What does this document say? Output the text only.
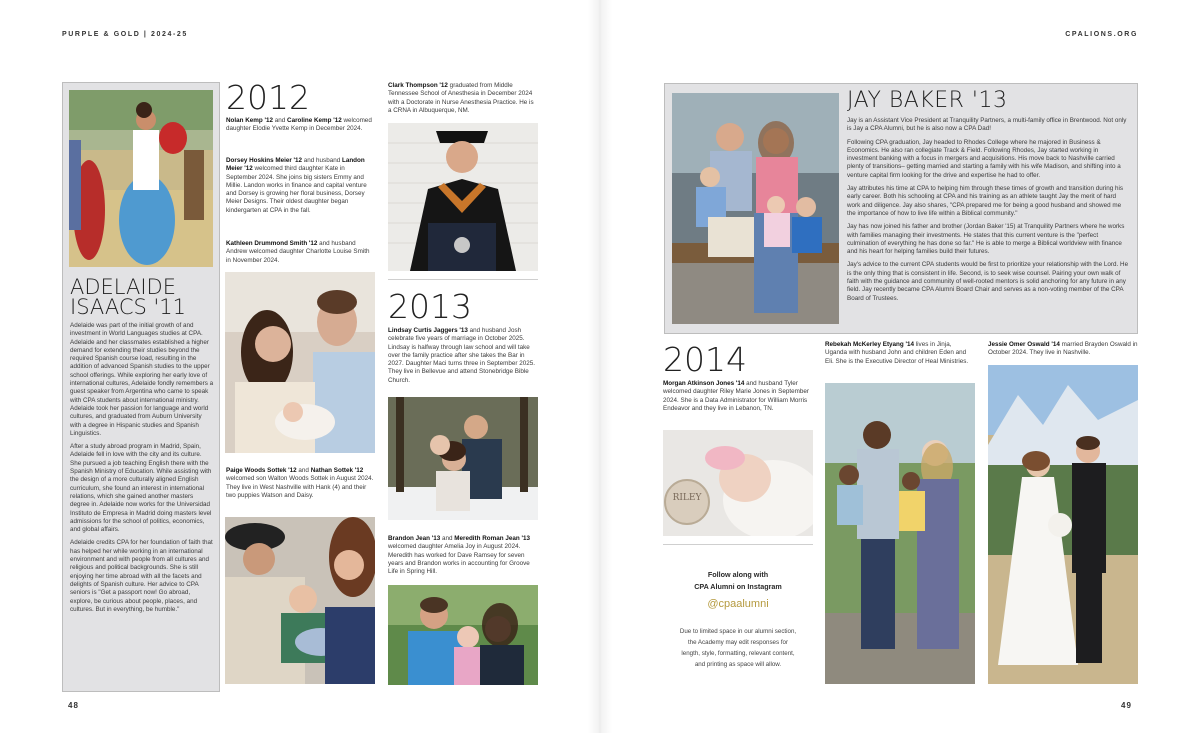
PURPLE & GOLD | 2024-25	CPALIONS.ORG
ADELAIDE
ISAACS '11

Adelaide was part of the initial growth of and investment in World Languages studies at CPA. Adelaide and her classmates established a higher demand for extending their studies beyond the required Spanish course load, resulting in the addition of advanced Spanish studies to the upper school offerings. While exploring her early love of international cultures, Adelaide fondly remembers a guest speaker from Argentina who came to speak with CPA students about international ministry. Adelaide took her passion for language and world cultures, and graduated from Auburn University with a degree in Hispanic studies and Spanish Linguistics.

After a study abroad program in Madrid, Spain, Adelaide fell in love with the city and its culture. She pursued a job teaching English there with the Spanish Ministry of Education. While assisting with the design of a more culturally aligned English curriculum, she found an interest in international relations, which she gained another masters degree in. Adelaide now works for the Universidad Instituto de Empresa in Madrid doing masters level admissions for the school of politics, economics, and global affairs.

Adelaide credits CPA for her foundation of faith that has helped her while working in an international environment and with people from all cultures and religious and political backgrounds. She is still enjoying her time abroad with all the facets and delights of Spanish culture. Her advice to CPA seniors is "Get a passport now! Go abroad, explore, be curious about people, places, and cultures. But in everything, be humble."

2012
Nolan Kemp '12 and Caroline Kemp '12 welcomed daughter Elodie Yvette Kemp in December 2024.
Dorsey Hoskins Meier '12 and husband Landon Meier '12 welcomed third daughter Kate in September 2024. She joins big sisters Emmy and Millie. Landon works in finance and capital venture and Dorsey is growing her floral business, Dorsey Meier Designs. Their oldest daughter began kindergarten at CPA in the fall.
Kathleen Drummond Smith '12 and husband Andrew welcomed daughter Charlotte Louise Smith in November 2024.
Paige Woods Sottek '12 and Nathan Sottek '12 welcomed son Walton Woods Sottek in August 2024. They live in West Nashville with Hank (4) and their two puppies Watson and Daisy.
Clark Thompson '12 graduated from Middle Tennessee School of Anesthesia in December 2024 with a Doctorate in Nurse Anesthesia Practice. He is a CRNA in Albuquerque, NM.
2013
Lindsay Curtis Jaggers '13 and husband Josh celebrate five years of marriage in October 2025. Lindsay is halfway through law school and will take over the family practice after she takes the Bar in 2027. Daughter Maci turns three in September 2025. They live in Bellevue and attend Stonebridge Bible Church.
Brandon Jean '13 and Meredith Roman Jean '13 welcomed daughter Amelia Joy in August 2024. Meredith has worked for Dave Ramsey for seven years and Brandon works in accounting for Groove Life in Spring Hill.
48
JAY BAKER '13

Jay is an Assistant Vice President at Tranquility Partners, a multi-family office in Brentwood. Not only is Jay a CPA Alumni, but he is also now a CPA Dad!

Following CPA graduation, Jay headed to Rhodes College where he majored in Business & Economics. He also ran collegiate Track & Field. Following Rhodes, Jay started working in investment banking with a focus in mergers and acquisitions. His move back to Nashville carried plenty of transitions– getting married and starting a family with his wife Madison, and shifting into a venture capital firm looking for the drive and expertise he had to offer.

Jay attributes his time at CPA to helping him through these times of growth and transition during his early career. Both his schooling at CPA and his training as an athlete taught Jay the merit of hard work and diligence. Jay also shares, "CPA prepared me for being a good husband and showed me the importance of how to live life within a Biblical community."

Jay has now joined his father and brother (Jordan Baker '15) at Tranquility Partners where he works with families managing their investments. He states that this current venture is the "perfect culmination of everything he has done so far." He is able to merge a Biblical worldview with finance and his heart for helping families build their futures.

Jay's advice to the current CPA students would be first to prioritize your relationship with the Lord. He is the only thing that is consistent in life. Second, is to seek wise counsel. Pairing your own walk of faith with the guidance and community of well-rooted mentors is solid anchoring for any future in any field. Jay recently became CPA Alumni Board Chair and serves as a non-voting member of the CPA Board of Trustees.

2014
Morgan Atkinson Jones '14 and husband Tyler welcomed daughter Riley Marie Jones in September 2024. She is a Data Administrator for William Morris Endeavor and they live in Lebanon, TN.
RILEY
Follow along with
CPA Alumni on Instagram
@cpaalumni
Due to limited space in our alumni section,
the Academy may edit responses for
length, style, formatting, relevant content,
and printing as space will allow.
Rebekah McKerley Etyang '14 lives in Jinja, Uganda with husband John and children Eden and Eli. She is the Executive Director of Heal Ministries.
Jessie Omer Oswald '14 married Brayden Oswald in October 2024. They live in Nashville.
49
